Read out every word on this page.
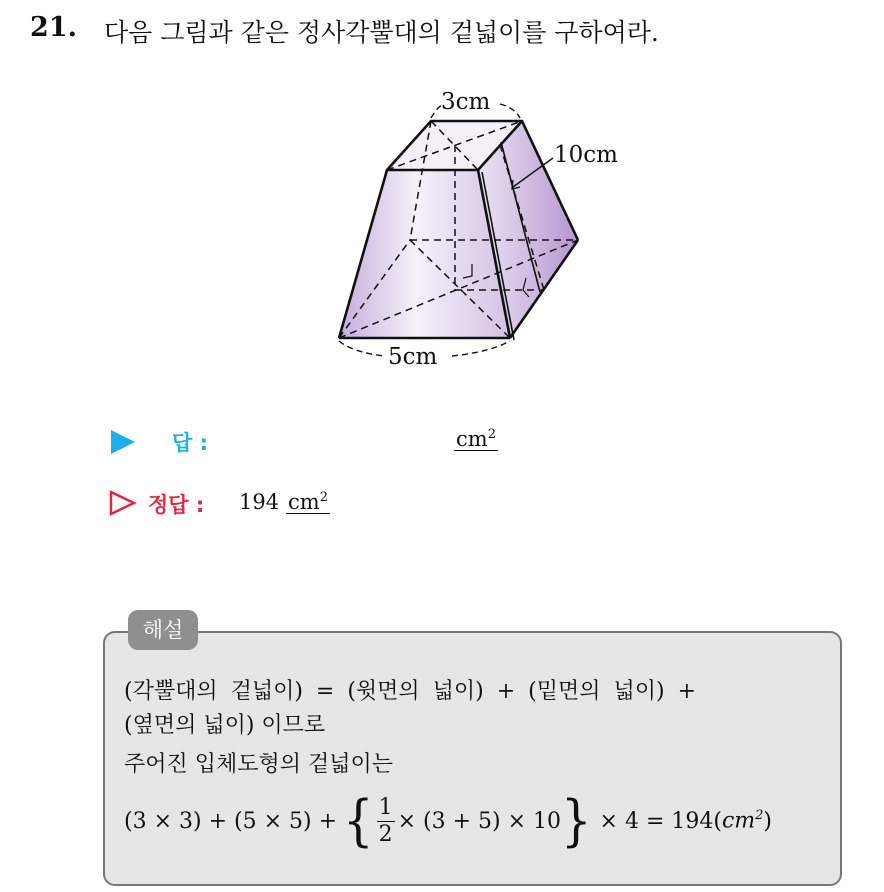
21. 다음 그림과 같은 정사각뿔대의 겉넓이를 구하여라.
3cm
10cm
5cm
답 :	$cm^2$
정답 : 194 $cm^2$
해설
(각뿔대의 겉넓이) = (윗면의 넓이) + (밑면의 넓이) +
(옆면의 넓이) 이므로
주어진 입체도형의 겉넓이는
(3 × 3) + (5 × 5) + { $\frac{1}{2} \times (3 + 5) \times 10$ } × 4 = 194( $cm^2$ )
